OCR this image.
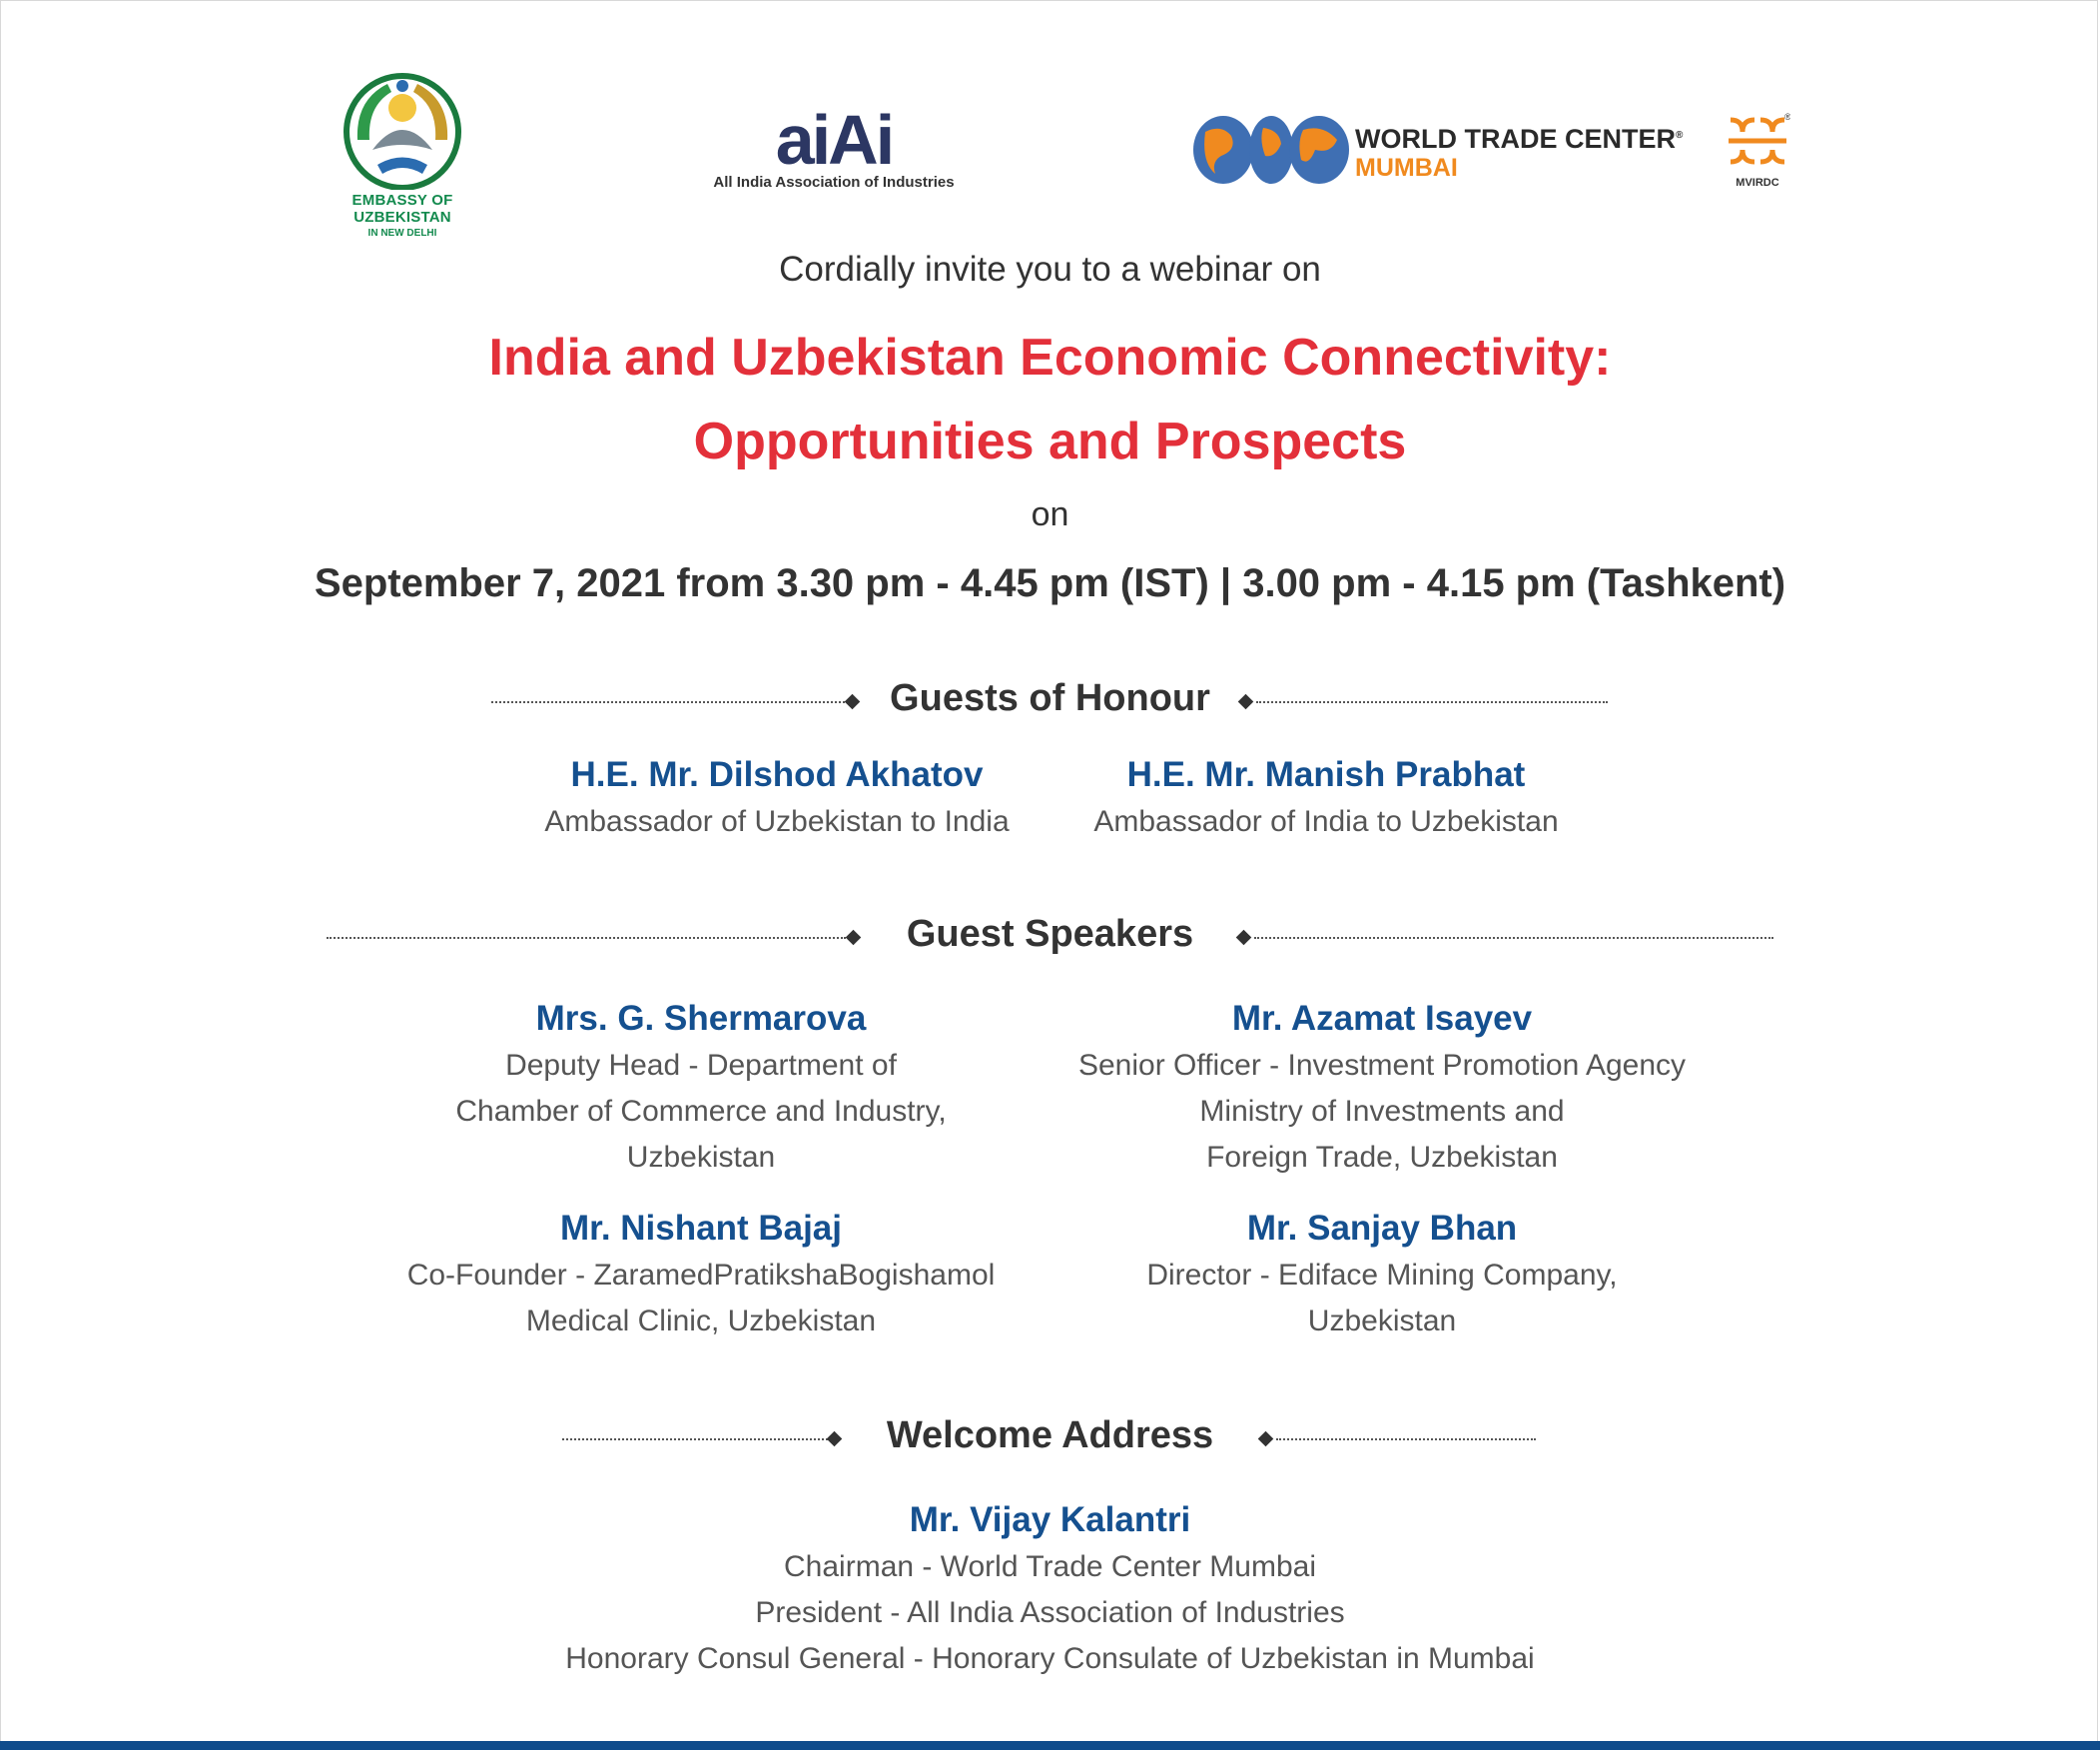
EMBASSY OF UZBEKISTAN
IN NEW DELHI
aiAi
All India Association of Industries
WORLD TRADE CENTER®
MUMBAI
®
MVIRDC
Cordially invite you to a webinar on
India and Uzbekistan Economic Connectivity:
Opportunities and Prospects
on
September 7, 2021 from 3.30 pm - 4.45 pm (IST) | 3.00 pm - 4.15 pm (Tashkent)
Guests of Honour
H.E. Mr. Dilshod Akhatov
Ambassador of Uzbekistan to India
H.E. Mr. Manish Prabhat
Ambassador of India to Uzbekistan
Guest Speakers
Mrs. G. Shermarova
Deputy Head - Department of
Chamber of Commerce and Industry,
Uzbekistan
Mr. Azamat Isayev
Senior Officer - Investment Promotion Agency
Ministry of Investments and
Foreign Trade, Uzbekistan
Mr. Nishant Bajaj
Co-Founder - ZaramedPratikshaBogishamol
Medical Clinic, Uzbekistan
Mr. Sanjay Bhan
Director - Ediface Mining Company,
Uzbekistan
Welcome Address
Mr. Vijay Kalantri
Chairman - World Trade Center Mumbai
President - All India Association of Industries
Honorary Consul General - Honorary Consulate of Uzbekistan in Mumbai
